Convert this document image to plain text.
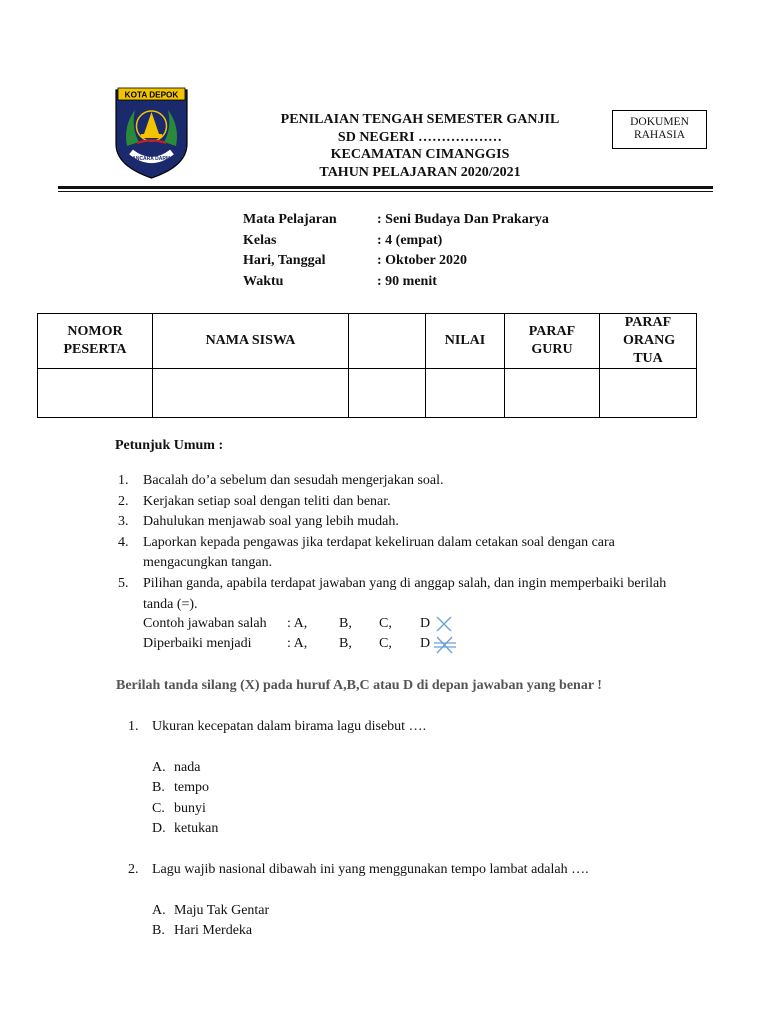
KOTA DEPOK
PANCARA DARMA
PENILAIAN TENGAH SEMESTER GANJIL
SD NEGERI ………………
KECAMATAN CIMANGGIS
TAHUN PELAJARAN 2020/2021
DOKUMEN
RAHASIA
Mata Pelajaran	: Seni Budaya Dan Prakarya
Kelas	: 4 (empat)
Hari, Tanggal	: Oktober 2020
Waktu	: 90 menit
NOMOR PESERTA	NAMA SISWA		NILAI	PARAF GURU	PARAF ORANG TUA

Petunjuk Umum :
1.	Bacalah do’a sebelum dan sesudah mengerjakan soal.
2.	Kerjakan setiap soal dengan teliti dan benar.
3.	Dahulukan menjawab soal yang lebih mudah.
4.	Laporkan kepada pengawas jika terdapat kekeliruan dalam cetakan soal dengan cara mengacungkan tangan.
5.	Pilihan ganda, apabila terdapat jawaban yang di anggap salah, dan ingin memperbaiki berilah tanda (=).
Contoh jawaban salah : A, B, C, D
Diperbaiki menjadi	: A, B, C, D
Berilah tanda silang (X) pada huruf A,B,C atau D di depan jawaban yang benar !
1. Ukuran kecepatan dalam birama lagu disebut ….
A. nada
B. tempo
C. bunyi
D. ketukan
2. Lagu wajib nasional dibawah ini yang menggunakan tempo lambat adalah ….
A. Maju Tak Gentar
B. Hari Merdeka
